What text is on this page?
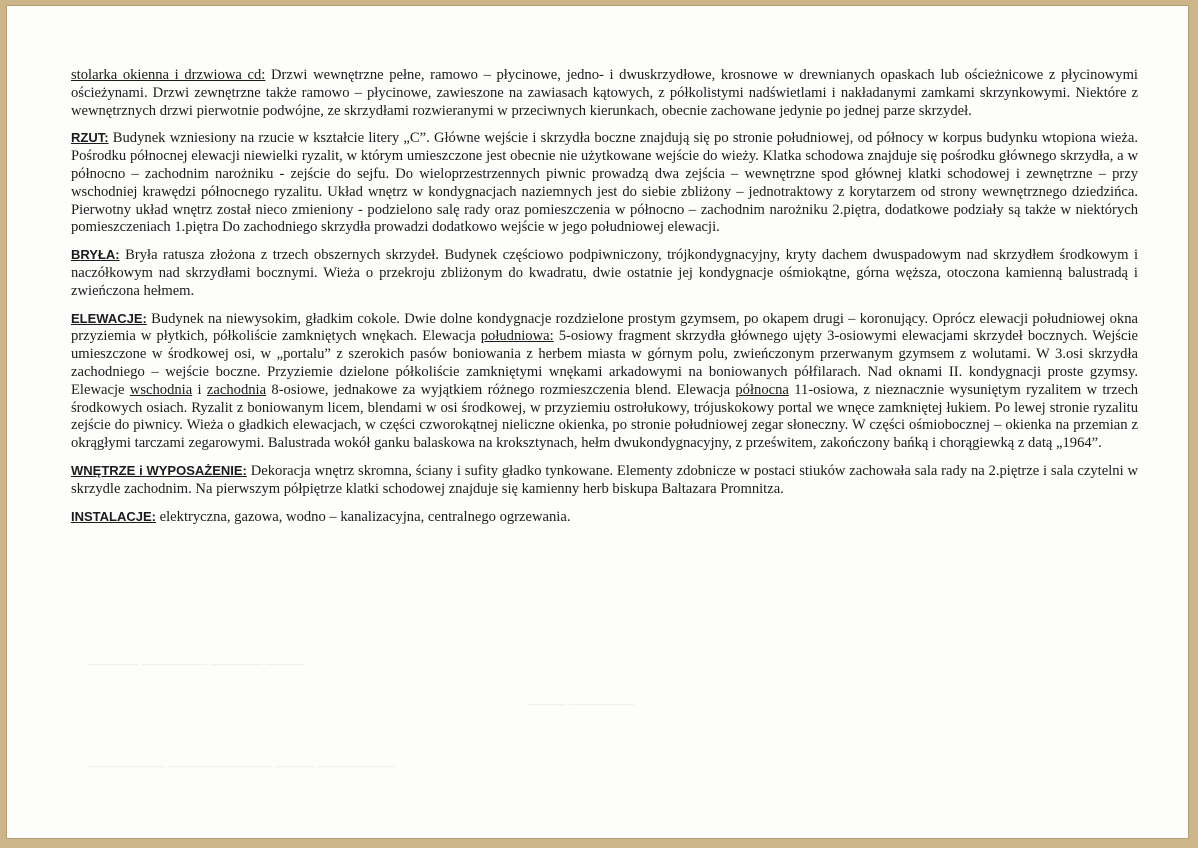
———— ————— ———— ———
——— —————
—————— ———————— ——— ——————

stolarka okienna i drzwiowa cd: Drzwi wewnętrzne pełne, ramowo – płycinowe, jedno- i dwuskrzydłowe, krosnowe w drewnianych opaskach lub ościeżnicowe z płycinowymi ościeżynami. Drzwi zewnętrzne także ramowo – płycinowe, zawieszone na zawiasach kątowych, z półkolistymi nadświetlami i nakładanymi zamkami skrzynkowymi. Niektóre z wewnętrznych drzwi pierwotnie podwójne, ze skrzydłami rozwieranymi w przeciwnych kierunkach, obecnie zachowane jedynie po jednej parze skrzydeł.

RZUT: Budynek wzniesiony na rzucie w kształcie litery „C”. Główne wejście i skrzydła boczne znajdują się po stronie południowej, od północy w korpus budynku wtopiona wieża. Pośrodku północnej elewacji niewielki ryzalit, w którym umieszczone jest obecnie nie użytkowane wejście do wieży. Klatka schodowa znajduje się pośrodku głównego skrzydła, a w północno – zachodnim narożniku - zejście do sejfu. Do wieloprzestrzennych piwnic prowadzą dwa zejścia – wewnętrzne spod głównej klatki schodowej i zewnętrzne – przy wschodniej krawędzi północnego ryzalitu. Układ wnętrz w kondygnacjach naziemnych jest do siebie zbliżony – jednotraktowy z korytarzem od strony wewnętrznego dziedzińca. Pierwotny układ wnętrz został nieco zmieniony - podzielono salę rady oraz pomieszczenia w północno – zachodnim narożniku 2.piętra, dodatkowe podziały są także w niektórych pomieszczeniach 1.piętra Do zachodniego skrzydła prowadzi dodatkowo wejście w jego południowej elewacji.

BRYŁA: Bryła ratusza złożona z trzech obszernych skrzydeł. Budynek częściowo podpiwniczony, trójkondygnacyjny, kryty dachem dwuspadowym nad skrzydłem środkowym i naczółkowym nad skrzydłami bocznymi. Wieża o przekroju zbliżonym do kwadratu, dwie ostatnie jej kondygnacje ośmiokątne, górna węższa, otoczona kamienną balustradą i zwieńczona hełmem.

ELEWACJE: Budynek na niewysokim, gładkim cokole. Dwie dolne kondygnacje rozdzielone prostym gzymsem, po okapem drugi – koronujący. Oprócz elewacji południowej okna przyziemia w płytkich, półkoliście zamkniętych wnękach. Elewacja południowa: 5-osiowy fragment skrzydła głównego ujęty 3-osiowymi elewacjami skrzydeł bocznych. Wejście umieszczone w środkowej osi, w „portalu” z szerokich pasów boniowania z herbem miasta w górnym polu, zwieńczonym przerwanym gzymsem z wolutami. W 3.osi skrzydła zachodniego – wejście boczne. Przyziemie dzielone półkoliście zamkniętymi wnękami arkadowymi na boniowanych półfilarach. Nad oknami II. kondygnacji proste gzymsy. Elewacje wschodnia i zachodnia 8-osiowe, jednakowe za wyjątkiem różnego rozmieszczenia blend. Elewacja północna 11-osiowa, z nieznacznie wysuniętym ryzalitem w trzech środkowych osiach. Ryzalit z boniowanym licem, blendami w osi środkowej, w przyziemiu ostrołukowy, trójuskokowy portal we wnęce zamkniętej łukiem. Po lewej stronie ryzalitu zejście do piwnicy. Wieża o gładkich elewacjach, w części czworokątnej nieliczne okienka, po stronie południowej zegar słoneczny. W części ośmiobocznej – okienka na przemian z okrągłymi tarczami zegarowymi. Balustrada wokół ganku balaskowa na kroksztynach, hełm dwukondygnacyjny, z prześwitem, zakończony bańką i chorągiewką z datą „1964”.

WNĘTRZE i WYPOSAŻENIE: Dekoracja wnętrz skromna, ściany i sufity gładko tynkowane. Elementy zdobnicze w postaci stiuków zachowała sala rady na 2.piętrze i sala czytelni w skrzydle zachodnim. Na pierwszym półpiętrze klatki schodowej znajduje się kamienny herb biskupa Baltazara Promnitza.

INSTALACJE: elektryczna, gazowa, wodno – kanalizacyjna, centralnego ogrzewania.
